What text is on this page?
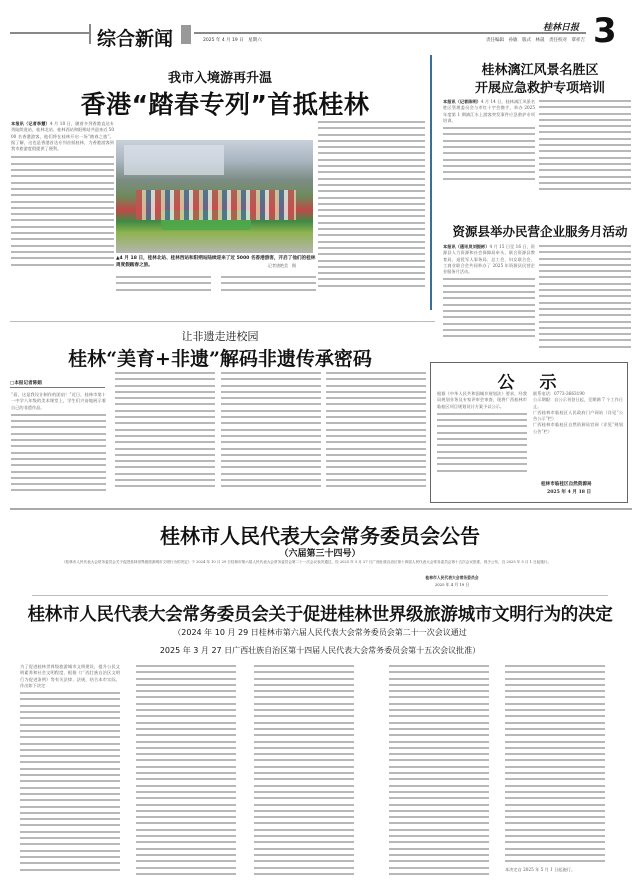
综合新闻	2025 年 4 月 19 日　星期六
桂林日报
责任编辑　孙敏　版式　林晟　责任校对　覃祥吉 3
我市入境游再升温
香港“踏春专列”首抵桂林
本报讯（记者李慧）4 月 18 日，随着多列香港直达专列陆续进站，桂林北站、桂林西站和阳朔站共迎来近 5000 名香港游客，他们将在桂林开启一场“踏春之旅”。据了解，这也是香港首达专列首抵桂林，为香港游客到我市旅游度假提供了便利。
▲4 月 18 日，桂林北站、桂林西站和阳朔站陆续迎来了近 5000 名香港游客，开启了他们的桂林周度假踏春之旅。	记者唐艳美　摄
桂林漓江风景名胜区
开展应急救护专项培训
本报讯（记者陈明）4 月 14 日，桂林漓江风景名胜区管理委员会与市红十字会携手，举办 2025 年度第 1 期漓江水上游客突发事件应急救护专项培训。
资源县举办民营企业服务月活动
本报讯（通讯员刘振彬）4 月 15 日至 16 日，资源县人力资源和社会保障局牵头，联合资源县教育局、退役军人事务局、总工会、妇女联合会、工商业联合会共同举办了 2025 年资源县民营企业服务月活动。
让非遗走进校园
桂林“美育+非遗”解码非遗传承密码
□本报记者陈娟
“看，这是我设计制作的团扇！”近日，桂林市第十一中学八年级的美术课堂上，学生们兴奋地展示着自己的非遗作品。
公　示
根据《中华人民共和国城乡规划法》要求，经我局规划业务及专家评审会审查，现将广西桂林市临桂区项目规划设计方案予以公示。
联系电话：0773-3663190
公示期限：自公示刊登日起，至期满 7 个工作日止。
广西桂林市临桂区人民政府门户网站（详见“公告公示”栏）
广西桂林市临桂区自然资源局官网（详见“规划公告”栏）
桂林市临桂区自然资源局
2025 年 4 月 18 日
桂林市人民代表大会常务委员会公告
（六届第三十四号）
《桂林市人民代表大会常务委员会关于促进桂林世界级旅游城市文明行为的决定》于 2024 年 10 月 29 日桂林市第六届人民代表大会常务委员会第二十一次会议表决通过，经 2025 年 3 月 27 日广西壮族自治区第十四届人民代表大会常务委员会第十五次会议批准，现予公布，自 2025 年 5 月 1 日起施行。
桂林市人民代表大会常务委员会
2025 年 4 月 19 日
桂林市人民代表大会常务委员会关于促进桂林世界级旅游城市文明行为的决定
（2024 年 10 月 29 日桂林市第六届人民代表大会常务委员会第二十一次会议通过
2025 年 3 月 27 日广西壮族自治区第十四届人民代表大会常务委员会第十五次会议批准）
为了促进桂林世界级旅游城市文明建设，提升公民文明素养和社会文明程度，根据《广西壮族自治区文明行为促进条例》等有关法律、法规，结合本市实际，作出如下决定：
本决定自 2025 年 5 月 1 日起施行。
